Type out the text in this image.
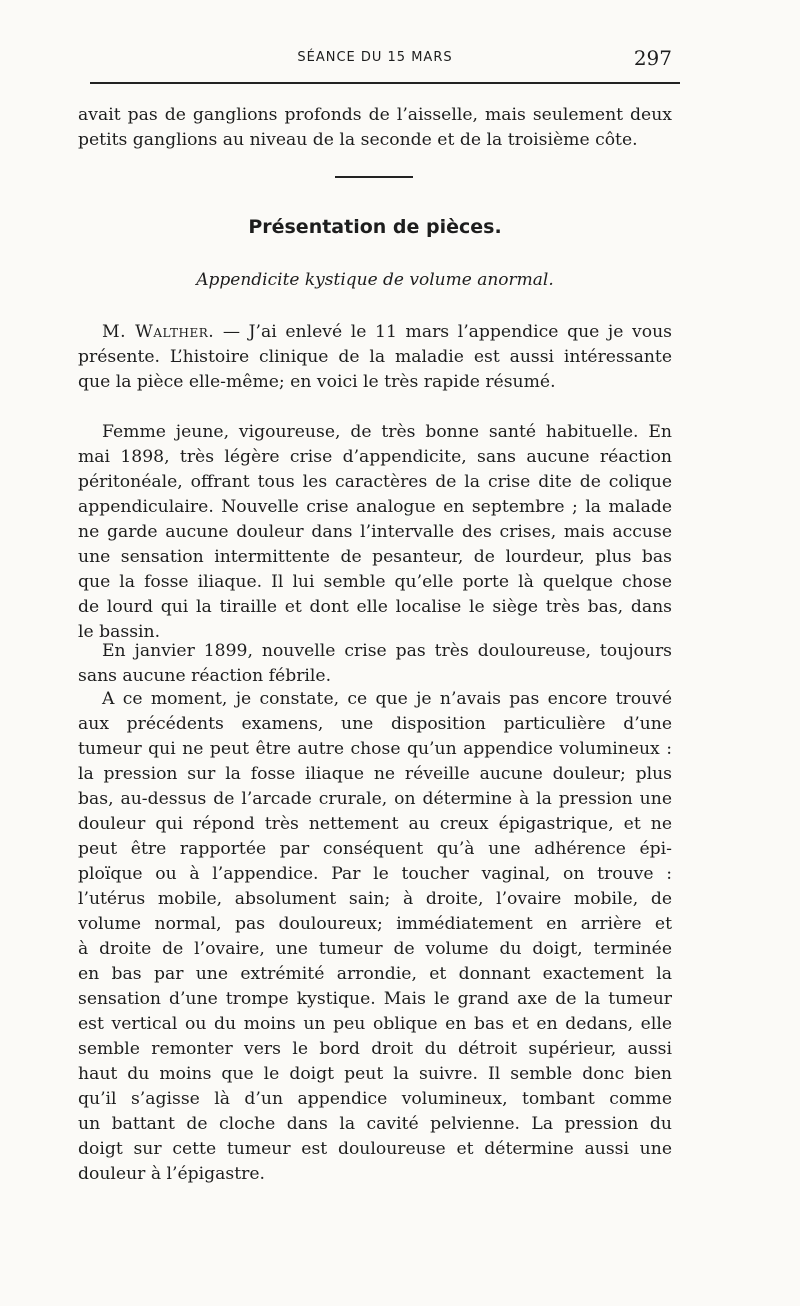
SÉANCE DU 15 MARS	297
avait pas de ganglions profonds de l’aisselle, mais seulement deux
petits ganglions au niveau de la seconde et de la troisième côte.
Présentation de pièces.
Appendicite kystique de volume anormal.
M. Walther. — J’ai enlevé le 11 mars l’appendice que je vous
présente. L’histoire clinique de la maladie est aussi intéressante
que la pièce elle-même; en voici le très rapide résumé.
Femme jeune, vigoureuse, de très bonne santé habituelle. En
mai 1898, très légère crise d’appendicite, sans aucune réaction
péritonéale, offrant tous les caractères de la crise dite de colique
appendiculaire. Nouvelle crise analogue en septembre ; la malade
ne garde aucune douleur dans l’intervalle des crises, mais accuse
une sensation intermittente de pesanteur, de lourdeur, plus bas
que la fosse iliaque. Il lui semble qu’elle porte là quelque chose
de lourd qui la tiraille et dont elle localise le siège très bas, dans
le bassin.
En janvier 1899, nouvelle crise pas très douloureuse, toujours
sans aucune réaction fébrile.
A ce moment, je constate, ce que je n’avais pas encore trouvé
aux précédents examens, une disposition particulière d’une
tumeur qui ne peut être autre chose qu’un appendice volumineux :
la pression sur la fosse iliaque ne réveille aucune douleur; plus
bas, au-dessus de l’arcade crurale, on détermine à la pression une
douleur qui répond très nettement au creux épigastrique, et ne
peut être rapportée par conséquent qu’à une adhérence épi-
ploïque ou à l’appendice. Par le toucher vaginal, on trouve :
l’utérus mobile, absolument sain; à droite, l’ovaire mobile, de
volume normal, pas douloureux; immédiatement en arrière et
à droite de l’ovaire, une tumeur de volume du doigt, terminée
en bas par une extrémité arrondie, et donnant exactement la
sensation d’une trompe kystique. Mais le grand axe de la tumeur
est vertical ou du moins un peu oblique en bas et en dedans, elle
semble remonter vers le bord droit du détroit supérieur, aussi
haut du moins que le doigt peut la suivre. Il semble donc bien
qu’il s’agisse là d’un appendice volumineux, tombant comme
un battant de cloche dans la cavité pelvienne. La pression du
doigt sur cette tumeur est douloureuse et détermine aussi une
douleur à l’épigastre.
